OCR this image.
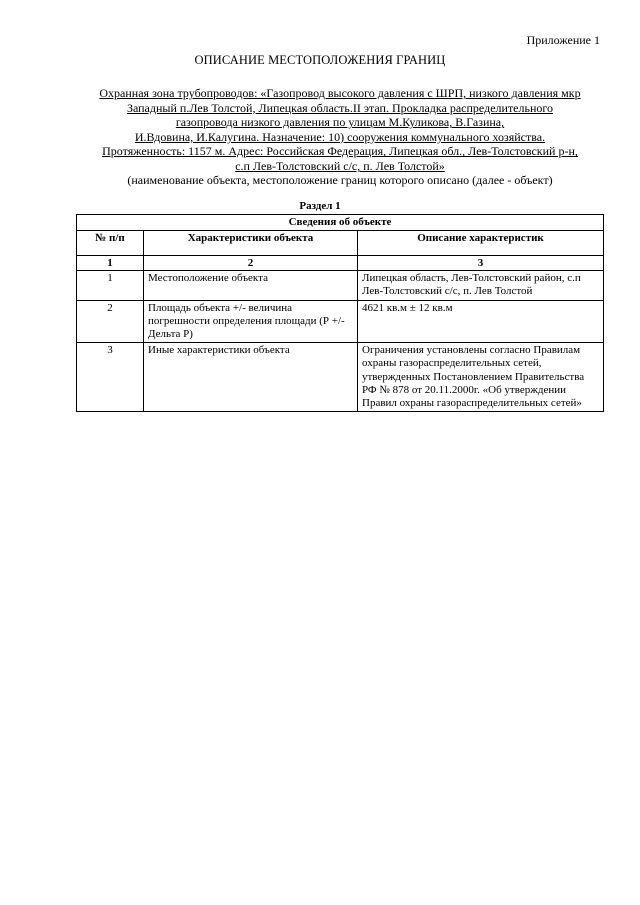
Приложение 1
ОПИСАНИЕ МЕСТОПОЛОЖЕНИЯ ГРАНИЦ
Охранная зона трубопроводов: «Газопровод высокого давления с ШРП, низкого давления мкр
Западный п.Лев Толстой, Липецкая область.II этап. Прокладка распределительного
газопровода низкого давления по улицам М.Куликова, В.Газина,
И.Вдовина, И.Калугина. Назначение: 10) сооружения коммунального хозяйства.
Протяженность: 1157 м. Адрес: Российская Федерация, Липецкая обл., Лев-Толстовский р-н,
с.п Лев-Толстовский с/с, п. Лев Толстой»
(наименование объекта, местоположение границ которого описано (далее - объект)
Раздел 1
Сведения об объекте		
№ п/п	Характеристики объекта	Описание характеристик
1	2	3
1	Местоположение объекта	Липецкая область, Лев-Толстовский район, с.п Лев-Толстовский с/с, п. Лев Толстой
2	Площадь объекта +/- величина погрешности определения площади (Р +/- Дельта Р)	4621 кв.м ± 12 кв.м
3	Иные характеристики объекта	Ограничения установлены согласно Правилам охраны газораспределительных сетей, утвержденных Постановлением Правительства РФ № 878 от 20.11.2000г. «Об утверждении Правил охраны газораспределительных сетей»
